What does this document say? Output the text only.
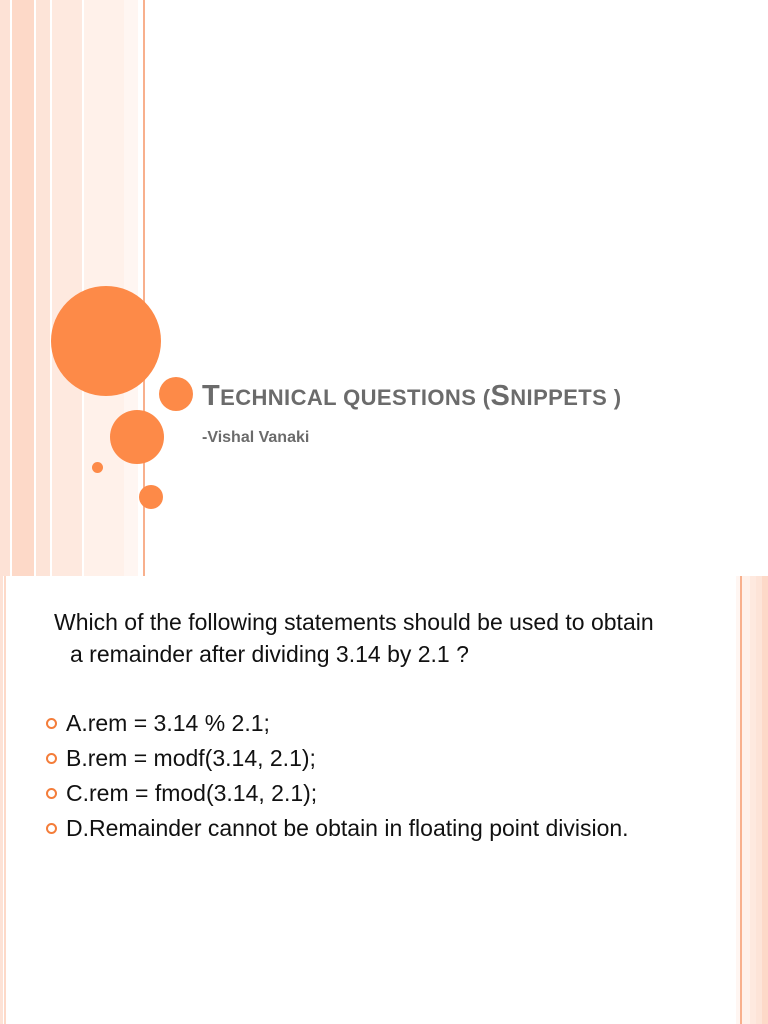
TECHNICAL QUESTIONS (SNIPPETS )
-Vishal Vanaki
Which of the following statements should be used to obtain
a remainder after dividing 3.14 by 2.1 ?
A.rem = 3.14 % 2.1;
B.rem = modf(3.14, 2.1);
C.rem = fmod(3.14, 2.1);
D.Remainder cannot be obtain in floating point division.
